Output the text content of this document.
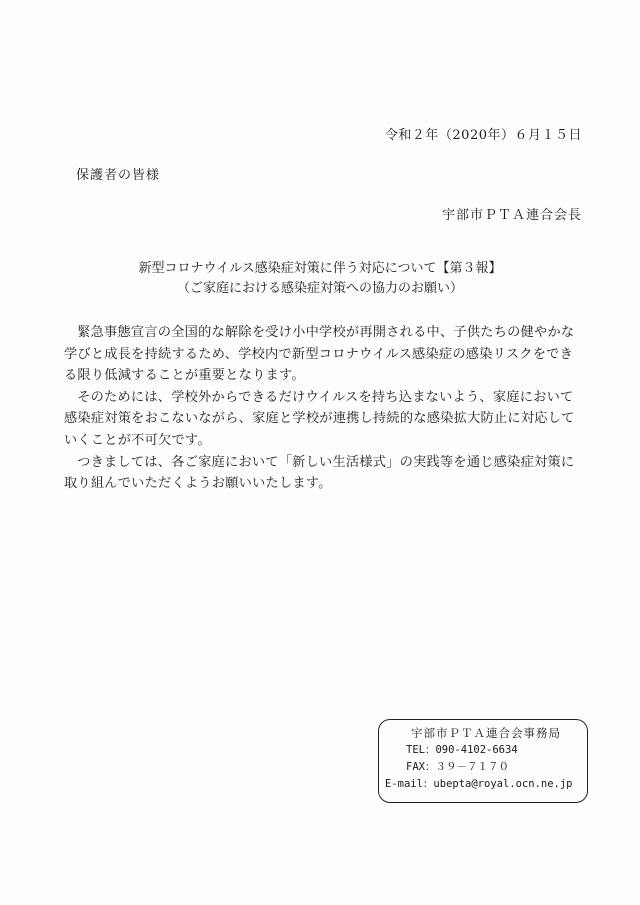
令和２年（2020年）６月１５日
保護者の皆様
宇部市ＰＴＡ連合会長
新型コロナウイルス感染症対策に伴う対応について【第３報】
（ご家庭における感染症対策への協力のお願い）

緊急事態宣言の全国的な解除を受け小中学校が再開される中、子供たちの健やかな学びと成長を持続するため、学校内で新型コロナウイルス感染症の感染リスクをできる限り低減することが重要となります。

そのためには、学校外からできるだけウイルスを持ち込まないよう、家庭において感染症対策をおこないながら、家庭と学校が連携し持続的な感染拡大防止に対応していくことが不可欠です。

つきましては、各ご家庭において「新しい生活様式」の実践等を通じ感染症対策に取り組んでいただくようお願いいたします。

宇部市ＰＴＡ連合会事務局
TEL：090-4102-6634
FAX：３９－７１７０
E-mail：ubepta@royal.ocn.ne.jp
